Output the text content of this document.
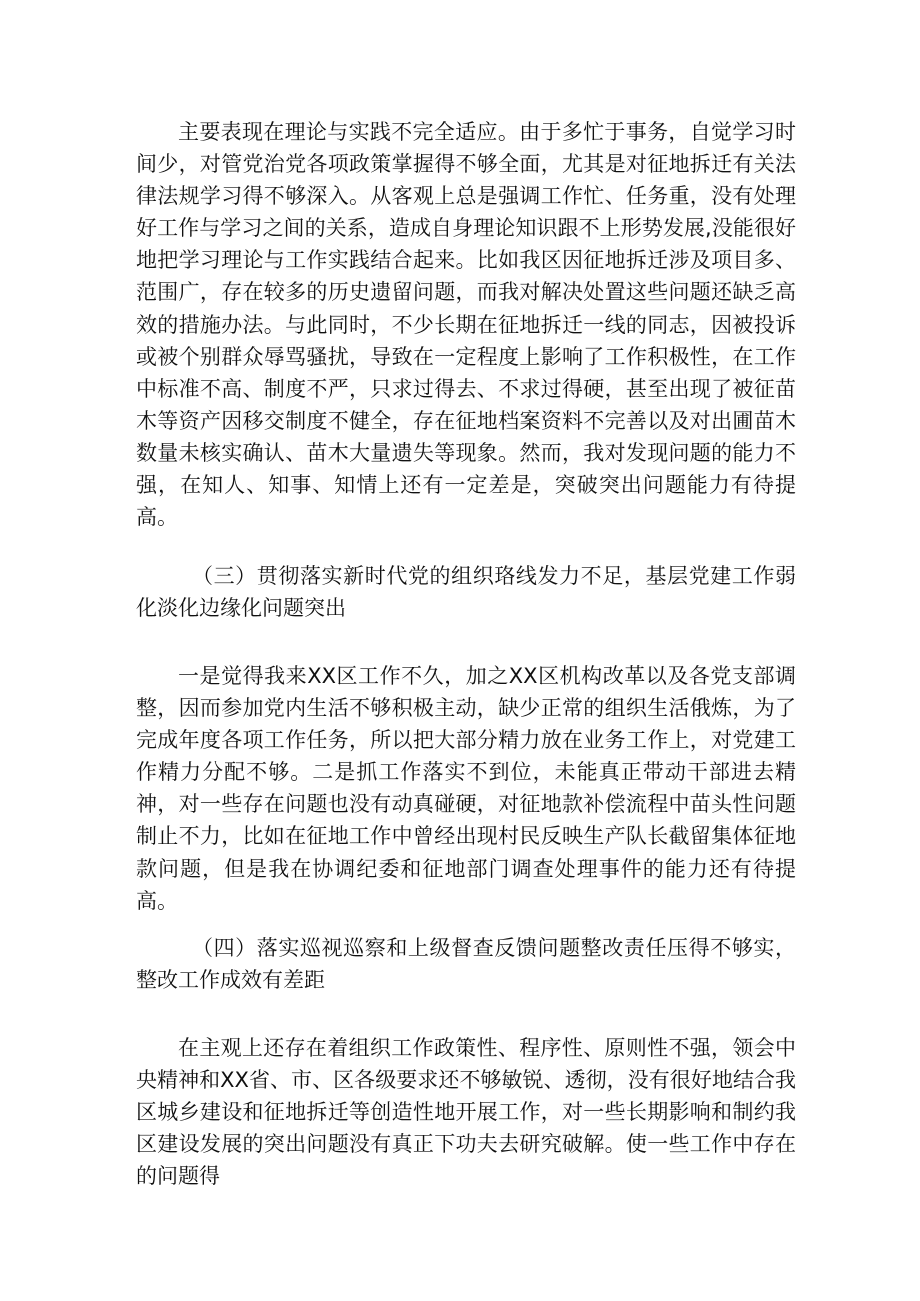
主要表现在理论与实践不完全适应。由于多忙于事务，自觉学习时间少，对管党治党各项政策掌握得不够全面，尤其是对征地拆迁有关法律法规学习得不够深入。从客观上总是强调工作忙、任务重，没有处理好工作与学习之间的关系，造成自身理论知识跟不上形势发展,没能很好地把学习理论与工作实践结合起来。比如我区因征地拆迁涉及项目多、范围广，存在较多的历史遗留问题，而我对解决处置这些问题还缺乏高效的措施办法。与此同时，不少长期在征地拆迁一线的同志，因被投诉或被个别群众辱骂骚扰，导致在一定程度上影响了工作积极性，在工作中标准不高、制度不严，只求过得去、不求过得硬，甚至出现了被征苗木等资产因移交制度不健全，存在征地档案资料不完善以及对出圃苗木数量未核实确认、苗木大量遗失等现象。然而，我对发现问题的能力不强，在知人、知事、知情上还有一定差是，突破突出问题能力有待提高。

（三）贯彻落实新时代党的组织珞线发力不足，基层党建工作弱化淡化边缘化问题突出

一是觉得我来XX区工作不久，加之XX区机构改革以及各党支部调整，因而参加党内生活不够积极主动，缺少正常的组织生活俄炼，为了完成年度各项工作任务，所以把大部分精力放在业务工作上，对党建工作精力分配不够。二是抓工作落实不到位，未能真正带动干部进去精神，对一些存在问题也没有动真碰硬，对征地款补偿流程中苗头性问题制止不力，比如在征地工作中曾经出现村民反映生产队长截留集体征地款问题，但是我在协调纪委和征地部门调查处理事件的能力还有待提高。

（四）落实巡视巡察和上级督查反馈问题整改责任压得不够实，整改工作成效有差距

在主观上还存在着组织工作政策性、程序性、原则性不强，领会中央精神和XX省、市、区各级要求还不够敏锐、透彻，没有很好地结合我区城乡建设和征地拆迁等创造性地开展工作，对一些长期影响和制约我区建设发展的突出问题没有真正下功夫去研究破解。使一些工作中存在的问题得
